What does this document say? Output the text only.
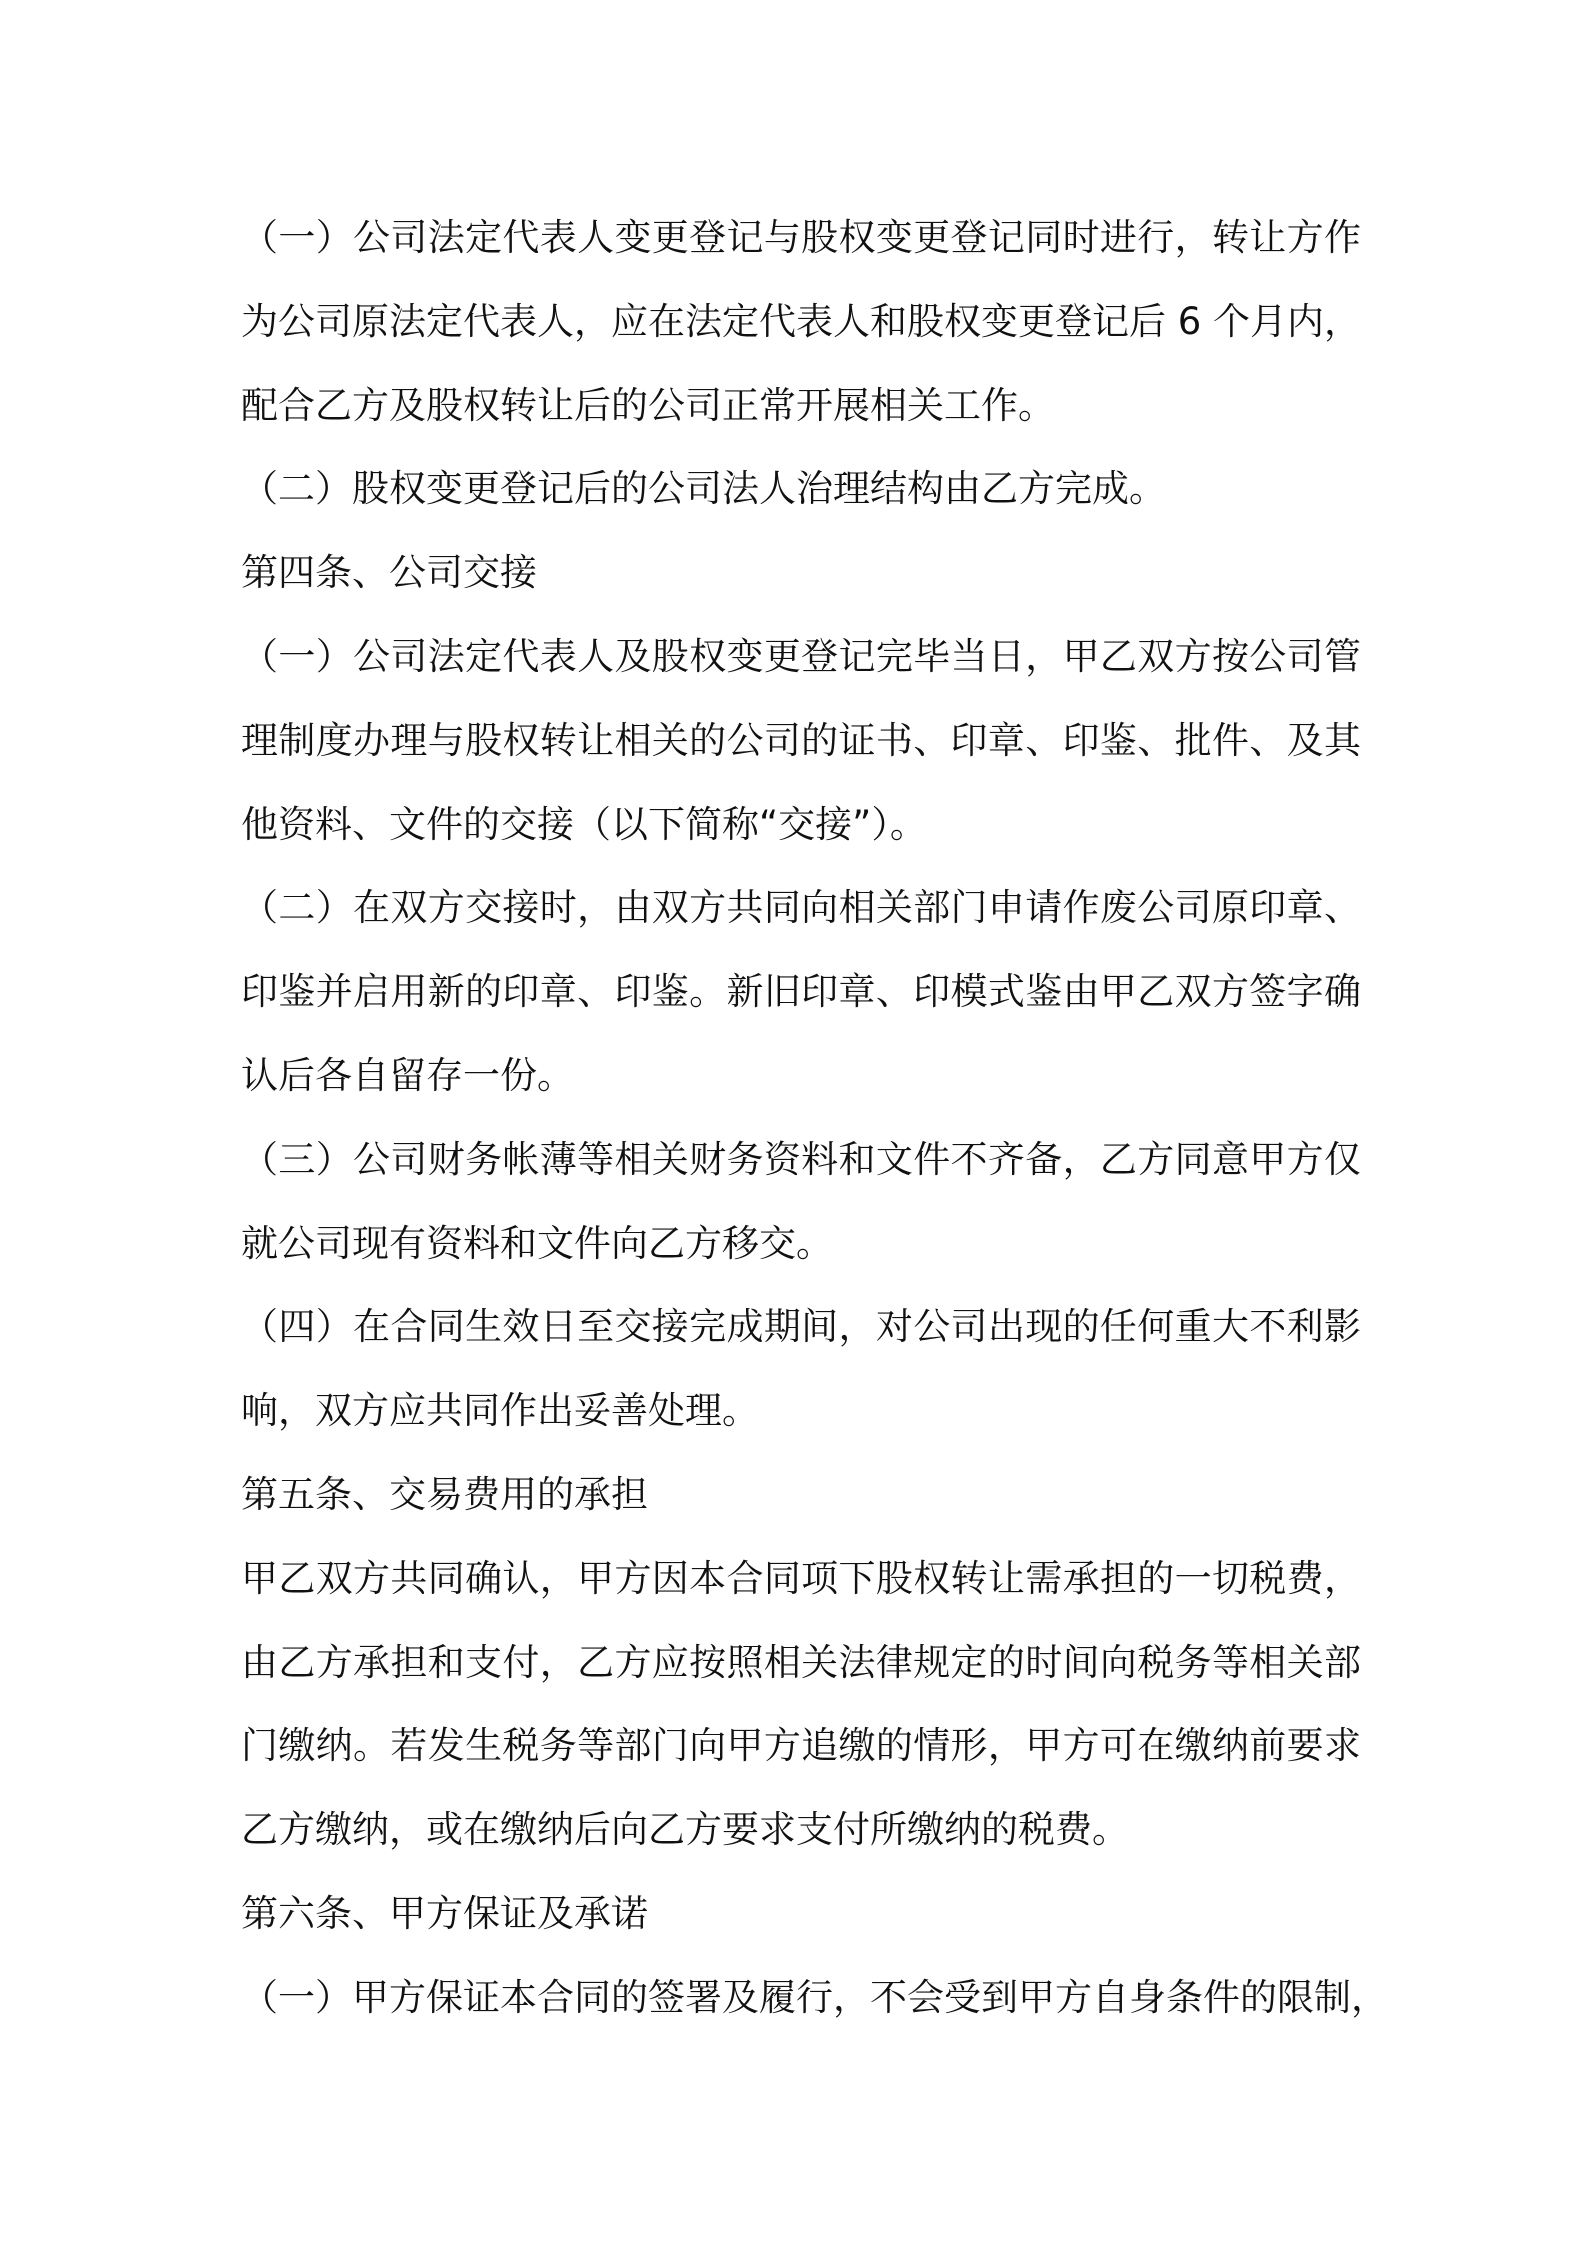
（一）公司法定代表人变更登记与股权变更登记同时进行，转让方作
为公司原法定代表人，应在法定代表人和股权变更登记后 6 个月内，
配合乙方及股权转让后的公司正常开展相关工作。
（二）股权变更登记后的公司法人治理结构由乙方完成。
第四条、公司交接
（一）公司法定代表人及股权变更登记完毕当日，甲乙双方按公司管
理制度办理与股权转让相关的公司的证书、印章、印鉴、批件、及其
他资料、文件的交接（以下简称“交接”）。
（二）在双方交接时，由双方共同向相关部门申请作废公司原印章、
印鉴并启用新的印章、印鉴。新旧印章、印模式鉴由甲乙双方签字确
认后各自留存一份。
（三）公司财务帐薄等相关财务资料和文件不齐备，乙方同意甲方仅
就公司现有资料和文件向乙方移交。
（四）在合同生效日至交接完成期间，对公司出现的任何重大不利影
响，双方应共同作出妥善处理。
第五条、交易费用的承担
甲乙双方共同确认，甲方因本合同项下股权转让需承担的一切税费，
由乙方承担和支付，乙方应按照相关法律规定的时间向税务等相关部
门缴纳。若发生税务等部门向甲方追缴的情形，甲方可在缴纳前要求
乙方缴纳，或在缴纳后向乙方要求支付所缴纳的税费。
第六条、甲方保证及承诺
（一）甲方保证本合同的签署及履行，不会受到甲方自身条件的限制，
